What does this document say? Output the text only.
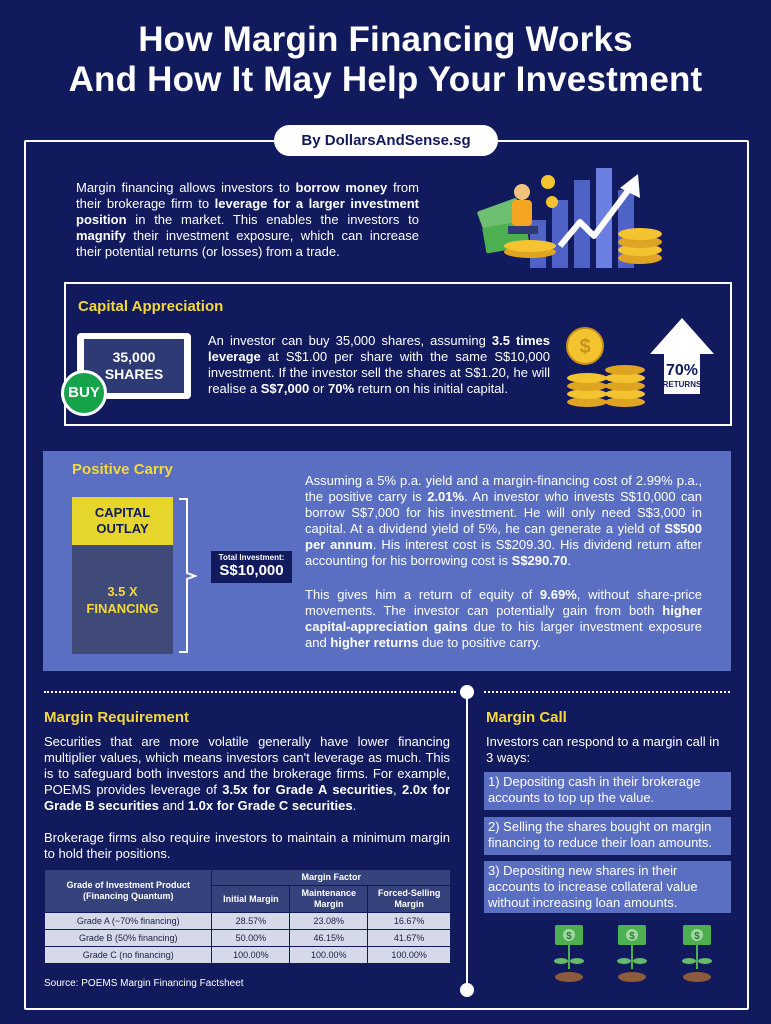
How Margin Financing Works
And How It May Help Your Investment
By DollarsAndSense.sg

Margin financing allows investors to borrow money from their brokerage firm to leverage for a larger investment position in the market. This enables the investors to magnify their investment exposure, which can increase their potential returns (or losses) from a trade.

Capital Appreciation
35,000
SHARES
BUY

An investor can buy 35,000 shares, assuming 3.5 times leverage at S$1.00 per share with the same S$10,000 investment. If the investor sell the shares at S$1.20, he will realise a S$7,000 or 70% return on his initial capital.

$
70%
RETURNS
Positive Carry
CAPITAL
OUTLAY
3.5 X
FINANCING
Total Investment:
S$10,000

Assuming a 5% p.a. yield and a margin-financing cost of 2.99% p.a., the positive carry is 2.01%. An investor who invests S$10,000 can borrow S$7,000 for his investment. He will only need S$3,000 in capital. At a dividend yield of 5%, he can generate a yield of S$500 per annum. His interest cost is S$209.30. His dividend return after accounting for his borrowing cost is S$290.70.

This gives him a return of equity of 9.69%, without share-price movements. The investor can potentially gain from both higher capital-appreciation gains due to his larger investment exposure and higher returns due to positive carry.

Margin Requirement

Securities that are more volatile generally have lower financing multiplier values, which means investors can't leverage as much. This is to safeguard both investors and the brokerage firms. For example, POEMS provides leverage of 3.5x for Grade A securities, 2.0x for Grade B securities and 1.0x for Grade C securities.

Brokerage firms also require investors to maintain a minimum margin to hold their positions.

Grade of Investment Product (Financing Quantum)	Margin Factor		
	Initial Margin	Maintenance Margin	Forced-Selling Margin
Grade A (~70% financing)	28.57%	23.08%	16.67%
Grade B (50% financing)	50.00%	46.15%	41.67%
Grade C (no financing)	100.00%	100.00%	100.00%
Source: POEMS Margin Financing Factsheet
Margin Call

Investors can respond to a margin call in 3 ways:

1) Depositing cash in their brokerage accounts to top up the value.
2) Selling the shares bought on margin financing to reduce their loan amounts.
3) Depositing new shares in their accounts to increase collateral value without increasing loan amounts.
$	$	$
